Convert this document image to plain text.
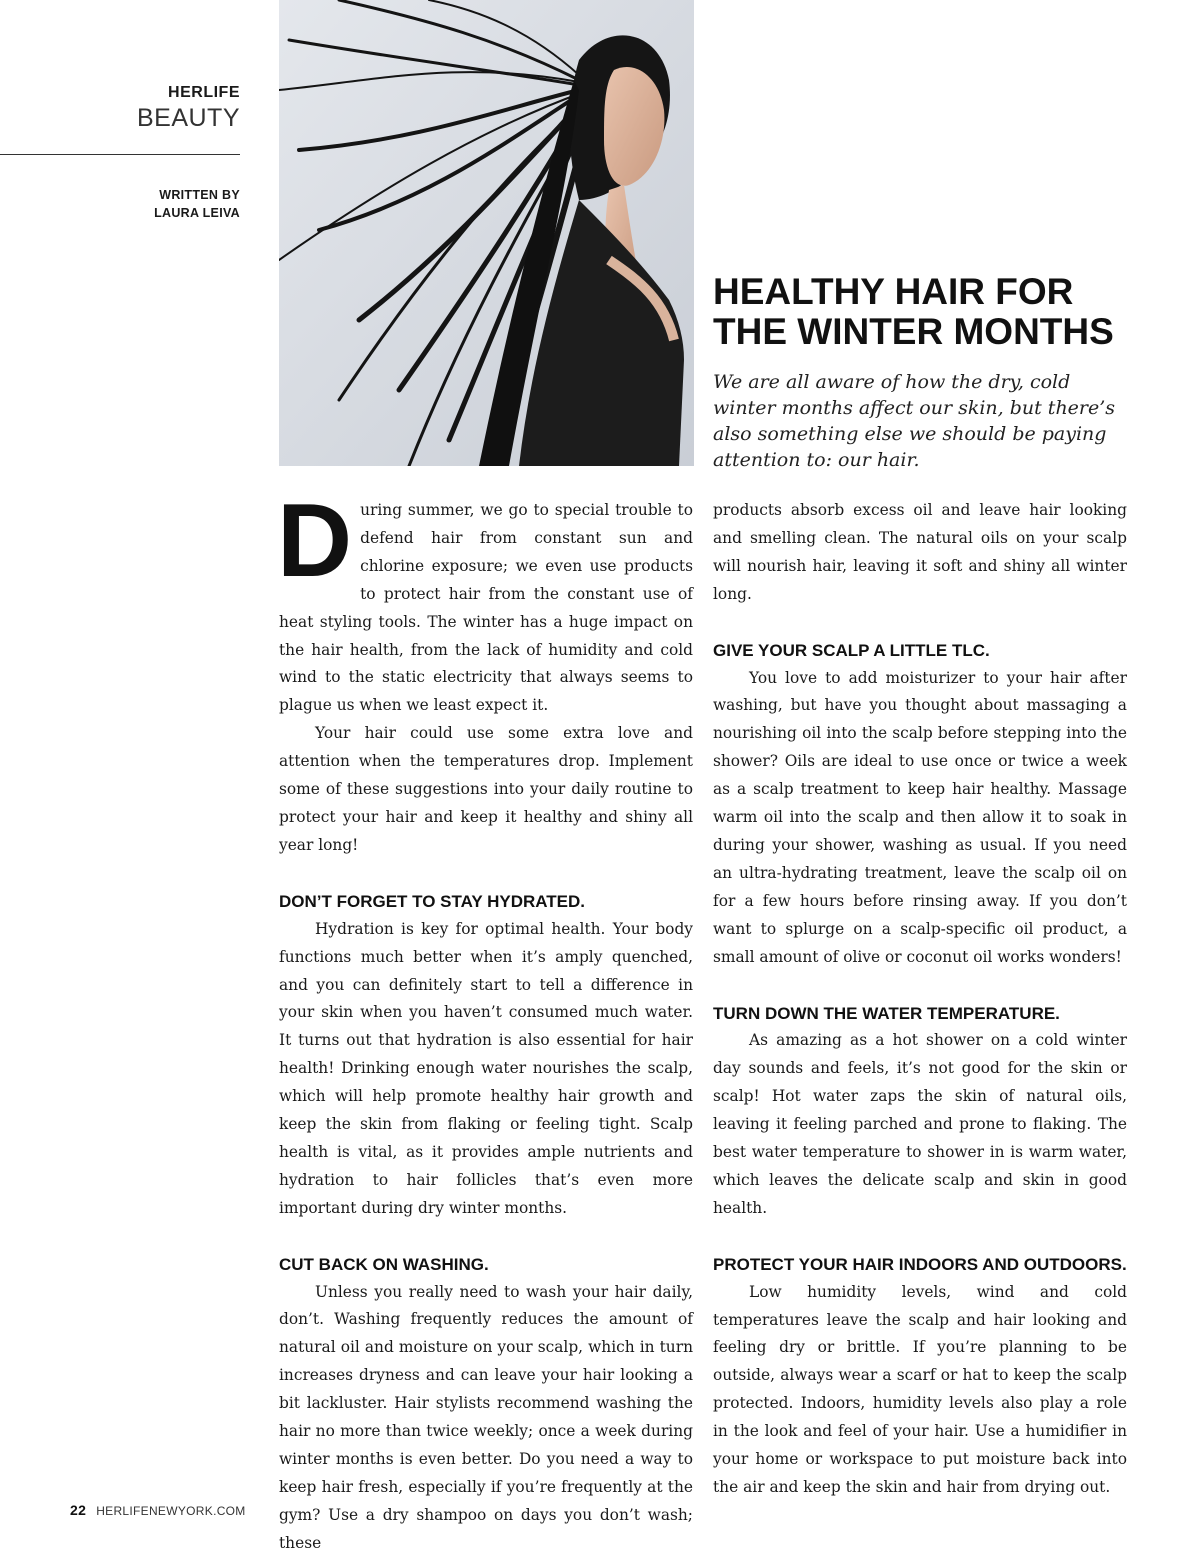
HERLIFE
BEAUTY
WRITTEN BY
LAURA LEIVA
HEALTHY HAIR FOR
THE WINTER MONTHS

We are all aware of how the dry, cold winter months affect our skin, but there’s also something else we should be paying attention to: our hair.

During summer, we go to special trouble to defend hair from constant sun and chlorine exposure; we even use products to protect hair from the constant use of heat styling tools. The winter has a huge impact on the hair health, from the lack of humidity and cold wind to the static electricity that always seems to plague us when we least expect it.

Your hair could use some extra love and attention when the temperatures drop. Implement some of these suggestions into your daily routine to protect your hair and keep it healthy and shiny all year long!

DON’T FORGET TO STAY HYDRATED.

Hydration is key for optimal health. Your body functions much better when it’s amply quenched, and you can definitely start to tell a difference in your skin when you haven’t consumed much water. It turns out that hydration is also essential for hair health! Drinking enough water nourishes the scalp, which will help promote healthy hair growth and keep the skin from flaking or feeling tight. Scalp health is vital, as it provides ample nutrients and hydration to hair follicles that’s even more important during dry winter months.

CUT BACK ON WASHING.

Unless you really need to wash your hair daily, don’t. Washing frequently reduces the amount of natural oil and moisture on your scalp, which in turn increases dryness and can leave your hair looking a bit lackluster. Hair stylists recommend washing the hair no more than twice weekly; once a week during winter months is even better. Do you need a way to keep hair fresh, especially if you’re frequently at the gym? Use a dry shampoo on days you don’t wash; these

products absorb excess oil and leave hair looking and smelling clean. The natural oils on your scalp will nourish hair, leaving it soft and shiny all winter long.

GIVE YOUR SCALP A LITTLE TLC.

You love to add moisturizer to your hair after washing, but have you thought about massaging a nourishing oil into the scalp before stepping into the shower? Oils are ideal to use once or twice a week as a scalp treatment to keep hair healthy. Massage warm oil into the scalp and then allow it to soak in during your shower, washing as usual. If you need an ultra-hydrating treatment, leave the scalp oil on for a few hours before rinsing away. If you don’t want to splurge on a scalp-specific oil product, a small amount of olive or coconut oil works wonders!

TURN DOWN THE WATER TEMPERATURE.

As amazing as a hot shower on a cold winter day sounds and feels, it’s not good for the skin or scalp! Hot water zaps the skin of natural oils, leaving it feeling parched and prone to flaking. The best water temperature to shower in is warm water, which leaves the delicate scalp and skin in good health.

PROTECT YOUR HAIR INDOORS AND OUTDOORS.

Low humidity levels, wind and cold temperatures leave the scalp and hair looking and feeling dry or brittle. If you’re planning to be outside, always wear a scarf or hat to keep the scalp protected. Indoors, humidity levels also play a role in the look and feel of your hair. Use a humidifier in your home or workspace to put moisture back into the air and keep the skin and hair from drying out.

22 HERLIFENEWYORK.COM
